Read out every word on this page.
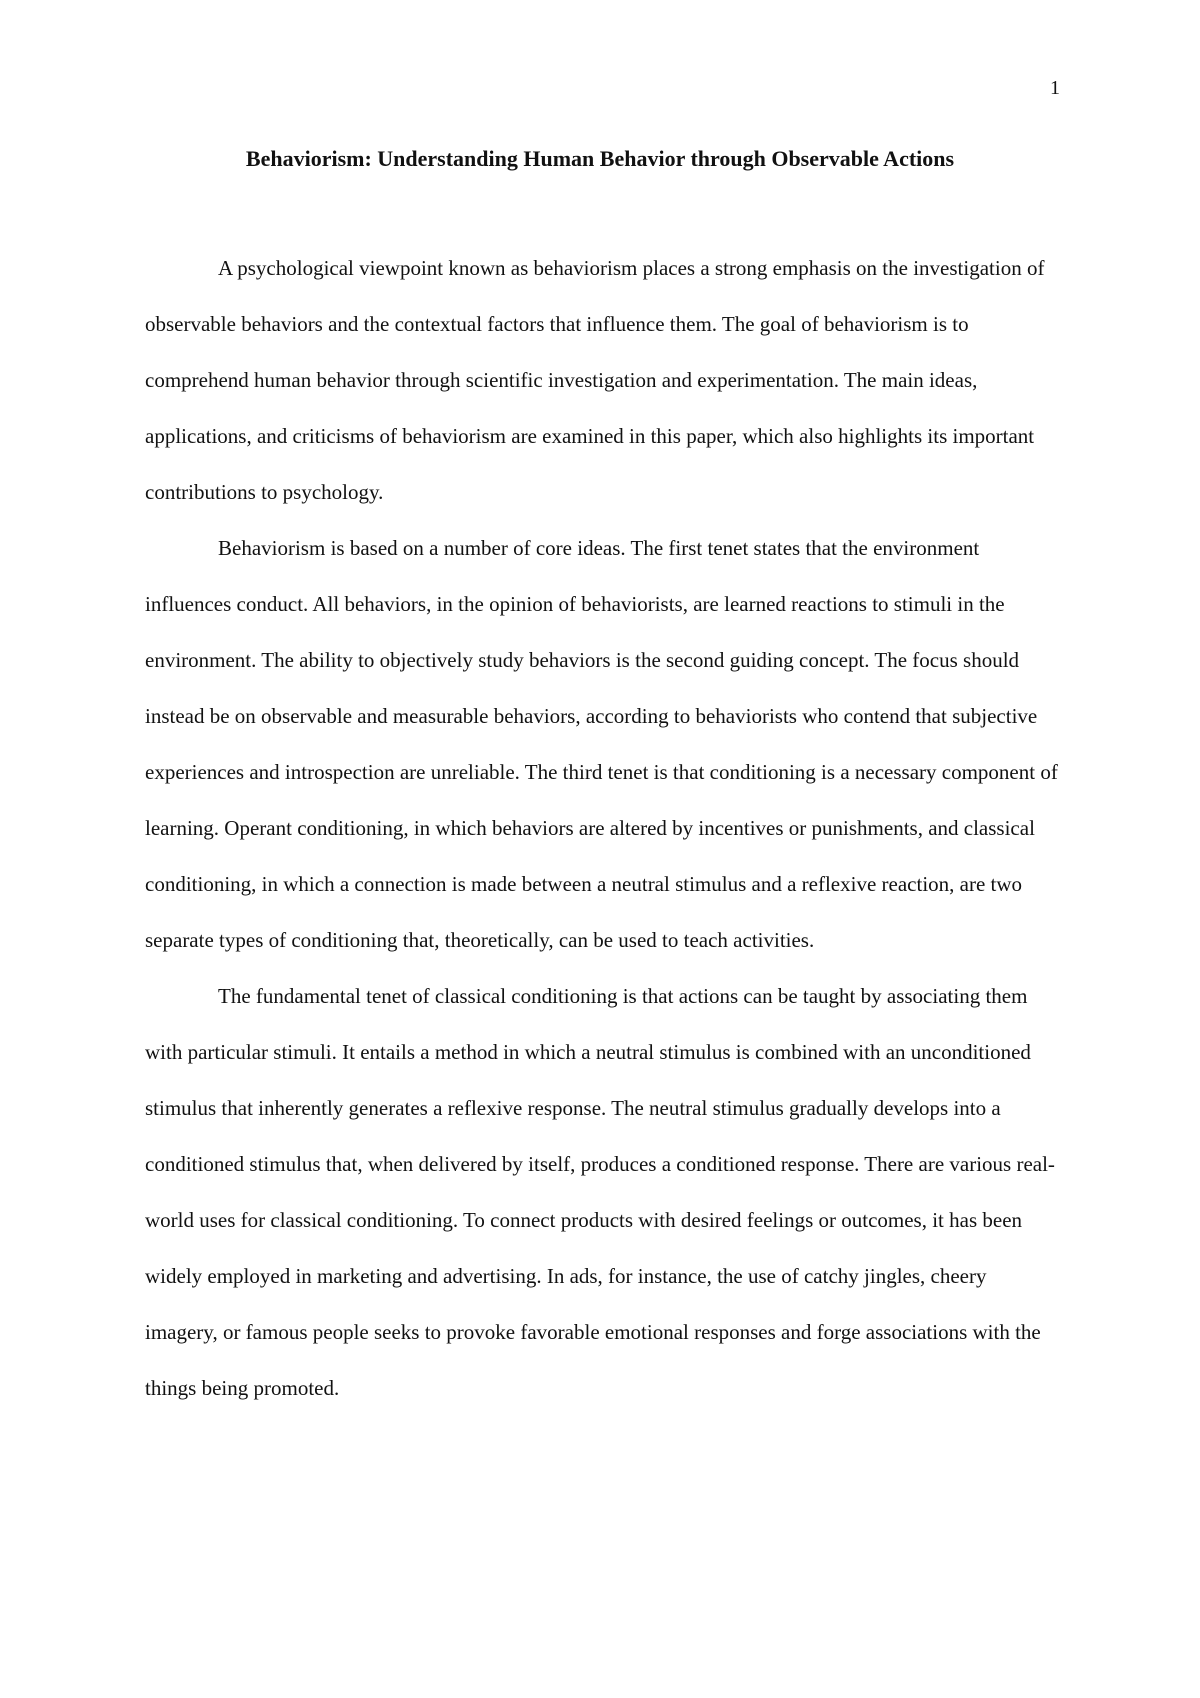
1
Behaviorism: Understanding Human Behavior through Observable Actions

A psychological viewpoint known as behaviorism places a strong emphasis on the investigation of observable behaviors and the contextual factors that influence them. The goal of behaviorism is to comprehend human behavior through scientific investigation and experimentation. The main ideas, applications, and criticisms of behaviorism are examined in this paper, which also highlights its important contributions to psychology.

Behaviorism is based on a number of core ideas. The first tenet states that the environment influences conduct. All behaviors, in the opinion of behaviorists, are learned reactions to stimuli in the environment. The ability to objectively study behaviors is the second guiding concept. The focus should instead be on observable and measurable behaviors, according to behaviorists who contend that subjective experiences and introspection are unreliable. The third tenet is that conditioning is a necessary component of learning. Operant conditioning, in which behaviors are altered by incentives or punishments, and classical conditioning, in which a connection is made between a neutral stimulus and a reflexive reaction, are two separate types of conditioning that, theoretically, can be used to teach activities.

The fundamental tenet of classical conditioning is that actions can be taught by associating them with particular stimuli. It entails a method in which a neutral stimulus is combined with an unconditioned stimulus that inherently generates a reflexive response. The neutral stimulus gradually develops into a conditioned stimulus that, when delivered by itself, produces a conditioned response. There are various real-world uses for classical conditioning. To connect products with desired feelings or outcomes, it has been widely employed in marketing and advertising. In ads, for instance, the use of catchy jingles, cheery imagery, or famous people seeks to provoke favorable emotional responses and forge associations with the things being promoted.
